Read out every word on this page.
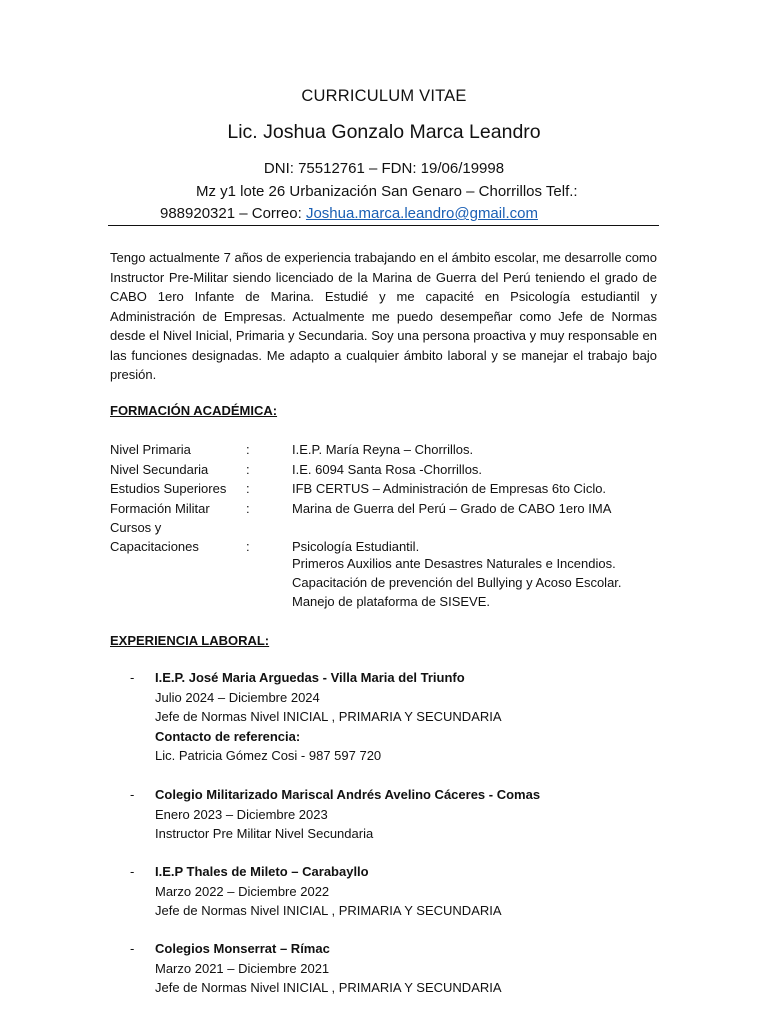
CURRICULUM VITAE
Lic. Joshua Gonzalo Marca Leandro
DNI: 75512761 – FDN: 19/06/19998
Mz y1 lote 26 Urbanización San Genaro – Chorrillos Telf.:
988920321 – Correo: Joshua.marca.leandro@gmail.com
Tengo actualmente 7 años de experiencia trabajando en el ámbito escolar, me desarrolle como Instructor Pre-Militar siendo licenciado de la Marina de Guerra del Perú teniendo el grado de CABO 1ero Infante de Marina. Estudié y me capacité en Psicología estudiantil y Administración de Empresas. Actualmente me puedo desempeñar como Jefe de Normas desde el Nivel Inicial, Primaria y Secundaria. Soy una persona proactiva y muy responsable en las funciones designadas. Me adapto a cualquier ámbito laboral y se manejar el trabajo bajo presión.
FORMACIÓN ACADÉMICA:
Nivel Primaria	:	I.E.P. María Reyna – Chorrillos.
Nivel Secundaria	:	I.E. 6094 Santa Rosa -Chorrillos.
Estudios Superiores :	IFB CERTUS – Administración de Empresas 6to Ciclo.
Formación Militar	:	Marina de Guerra del Perú – Grado de CABO 1ero IMA
Cursos y
Capacitaciones	:	Psicología Estudiantil.
Primeros Auxilios ante Desastres Naturales e Incendios.
Capacitación de prevención del Bullying y Acoso Escolar.
Manejo de plataforma de SISEVE.
EXPERIENCIA LABORAL:
- I.E.P. José Maria Arguedas - Villa Maria del Triunfo
Julio 2024 – Diciembre 2024
Jefe de Normas Nivel INICIAL , PRIMARIA Y SECUNDARIA
Contacto de referencia:
Lic. Patricia Gómez Cosi - 987 597 720
- Colegio Militarizado Mariscal Andrés Avelino Cáceres - Comas
Enero 2023 – Diciembre 2023
Instructor Pre Militar Nivel Secundaria
- I.E.P Thales de Mileto – Carabayllo
Marzo 2022 – Diciembre 2022
Jefe de Normas Nivel INICIAL , PRIMARIA Y SECUNDARIA
- Colegios Monserrat – Rímac
Marzo 2021 – Diciembre 2021
Jefe de Normas Nivel INICIAL , PRIMARIA Y SECUNDARIA
